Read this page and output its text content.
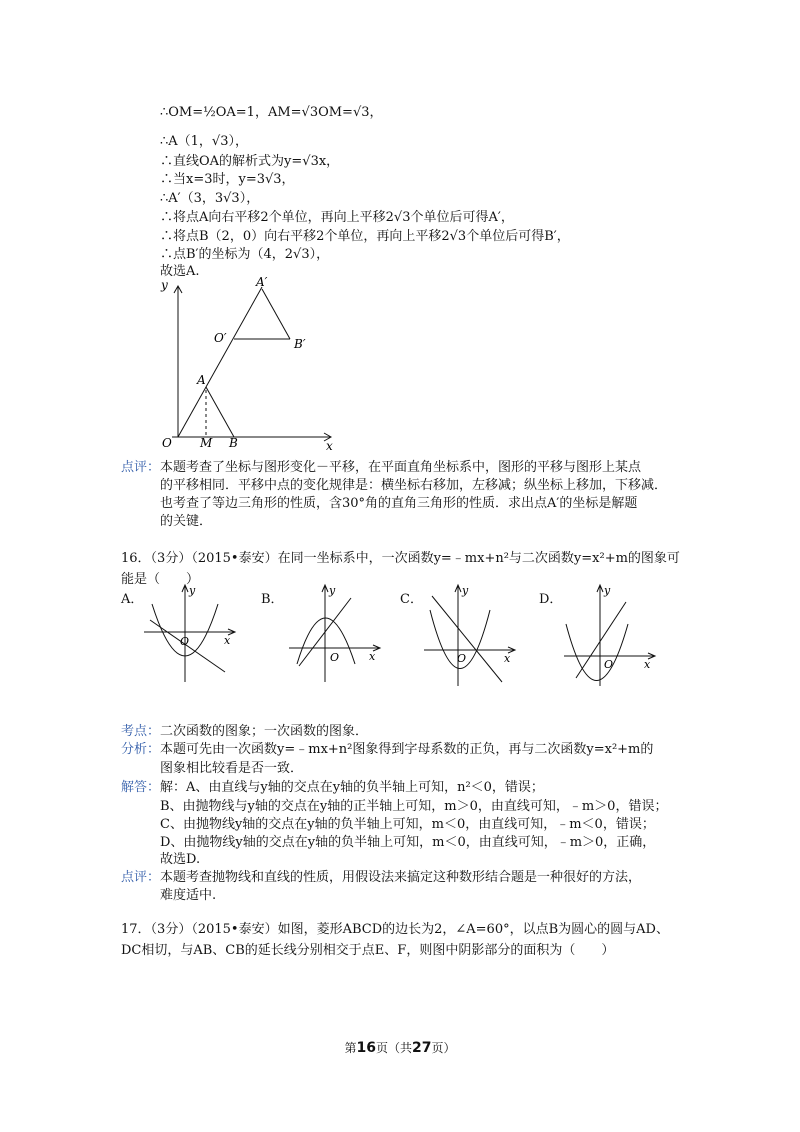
∴OM=½OA=1，AM=√3OM=√3，
∴A（1，√3），
∴直线OA的解析式为y=√3x，
∴当x=3时，y=3√3，
∴A′（3，3√3），
∴将点A向右平移2个单位，再向上平移2√3个单位后可得A′，
∴将点B（2，0）向右平移2个单位，再向上平移2√3个单位后可得B′，
∴点B′的坐标为（4，2√3），
故选A.
y
x
A′
O′	B′
A
O M B
点评： 本题考查了坐标与图形变化－平移，在平面直角坐标系中，图形的平移与图形上某点
的平移相同．平移中点的变化规律是：横坐标右移加，左移减；纵坐标上移加，下移减．
也考查了等边三角形的性质，含30°角的直角三角形的性质．求出点A′的坐标是解题
的关键．
16．（3分）（2015•泰安）在同一坐标系中，一次函数y=﹣mx+n²与二次函数y=x²+m的图象可
能是（　　）
A．	B．	C．	D．
y
x
O
y
x
O
y
x
O
y
x
O
考点： 二次函数的图象；一次函数的图象．
分析： 本题可先由一次函数y=﹣mx+n²图象得到字母系数的正负，再与二次函数y=x²+m的
图象相比较看是否一致．
解答： 解：A、由直线与y轴的交点在y轴的负半轴上可知，n²＜0，错误；
B、由抛物线与y轴的交点在y轴的正半轴上可知，m＞0，由直线可知，﹣m＞0，错误；
C、由抛物线y轴的交点在y轴的负半轴上可知，m＜0，由直线可知，﹣m＜0，错误；
D、由抛物线y轴的交点在y轴的负半轴上可知，m＜0，由直线可知，﹣m＞0，正确，
故选D.
点评： 本题考查抛物线和直线的性质，用假设法来搞定这种数形结合题是一种很好的方法，
难度适中.
17．（3分）（2015•泰安）如图，菱形ABCD的边长为2，∠A=60°，以点B为圆心的圆与AD、
DC相切，与AB、CB的延长线分别相交于点E、F，则图中阴影部分的面积为（　　）
第16页（共27页）
